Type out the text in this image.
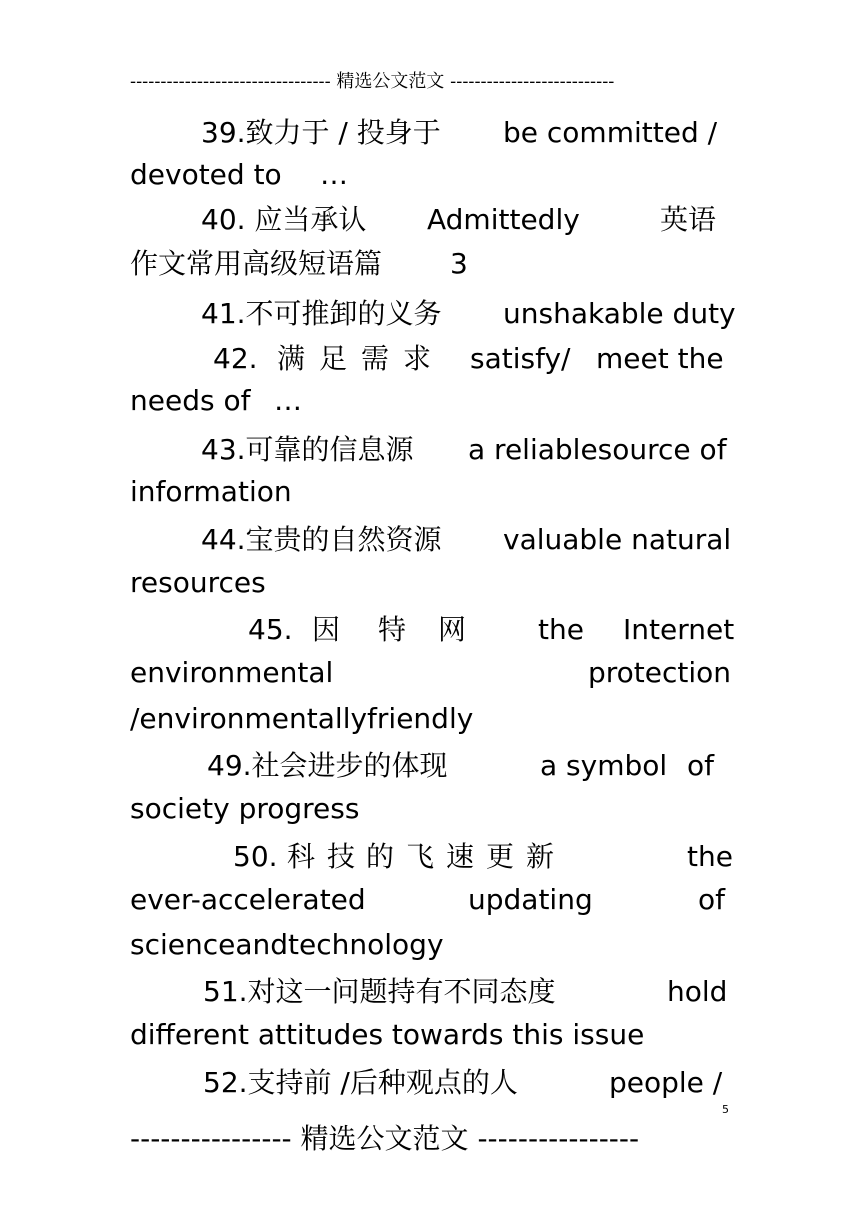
--------------------------------- 精选公文范文 ---------------------------
39.致力于 / 投身于 be committed /
devoted to …
40. 应当承认 Admittedly	英语
作文常用高级短语篇 3
41.不可推卸的义务 unshakable duty
42. 满 足 需 求 satisfy/ meet the
needs of …
43.可靠的信息源 a reliablesource of
information
44.宝贵的自然资源 valuable natural
resources
45. 因 特 网	the Internet
environmental	protection
/environmentallyfriendly
49.社会进步的体现	a symbol of
society progress
50. 科 技 的 飞 速 更 新	the
ever-accelerated	updating	of
scienceandtechnology
51.对这一问题持有不同态度	hold
different attitudes towards this issue
52.支持前 /后种观点的人	people /
5
---------------- 精选公文范文 ----------------
